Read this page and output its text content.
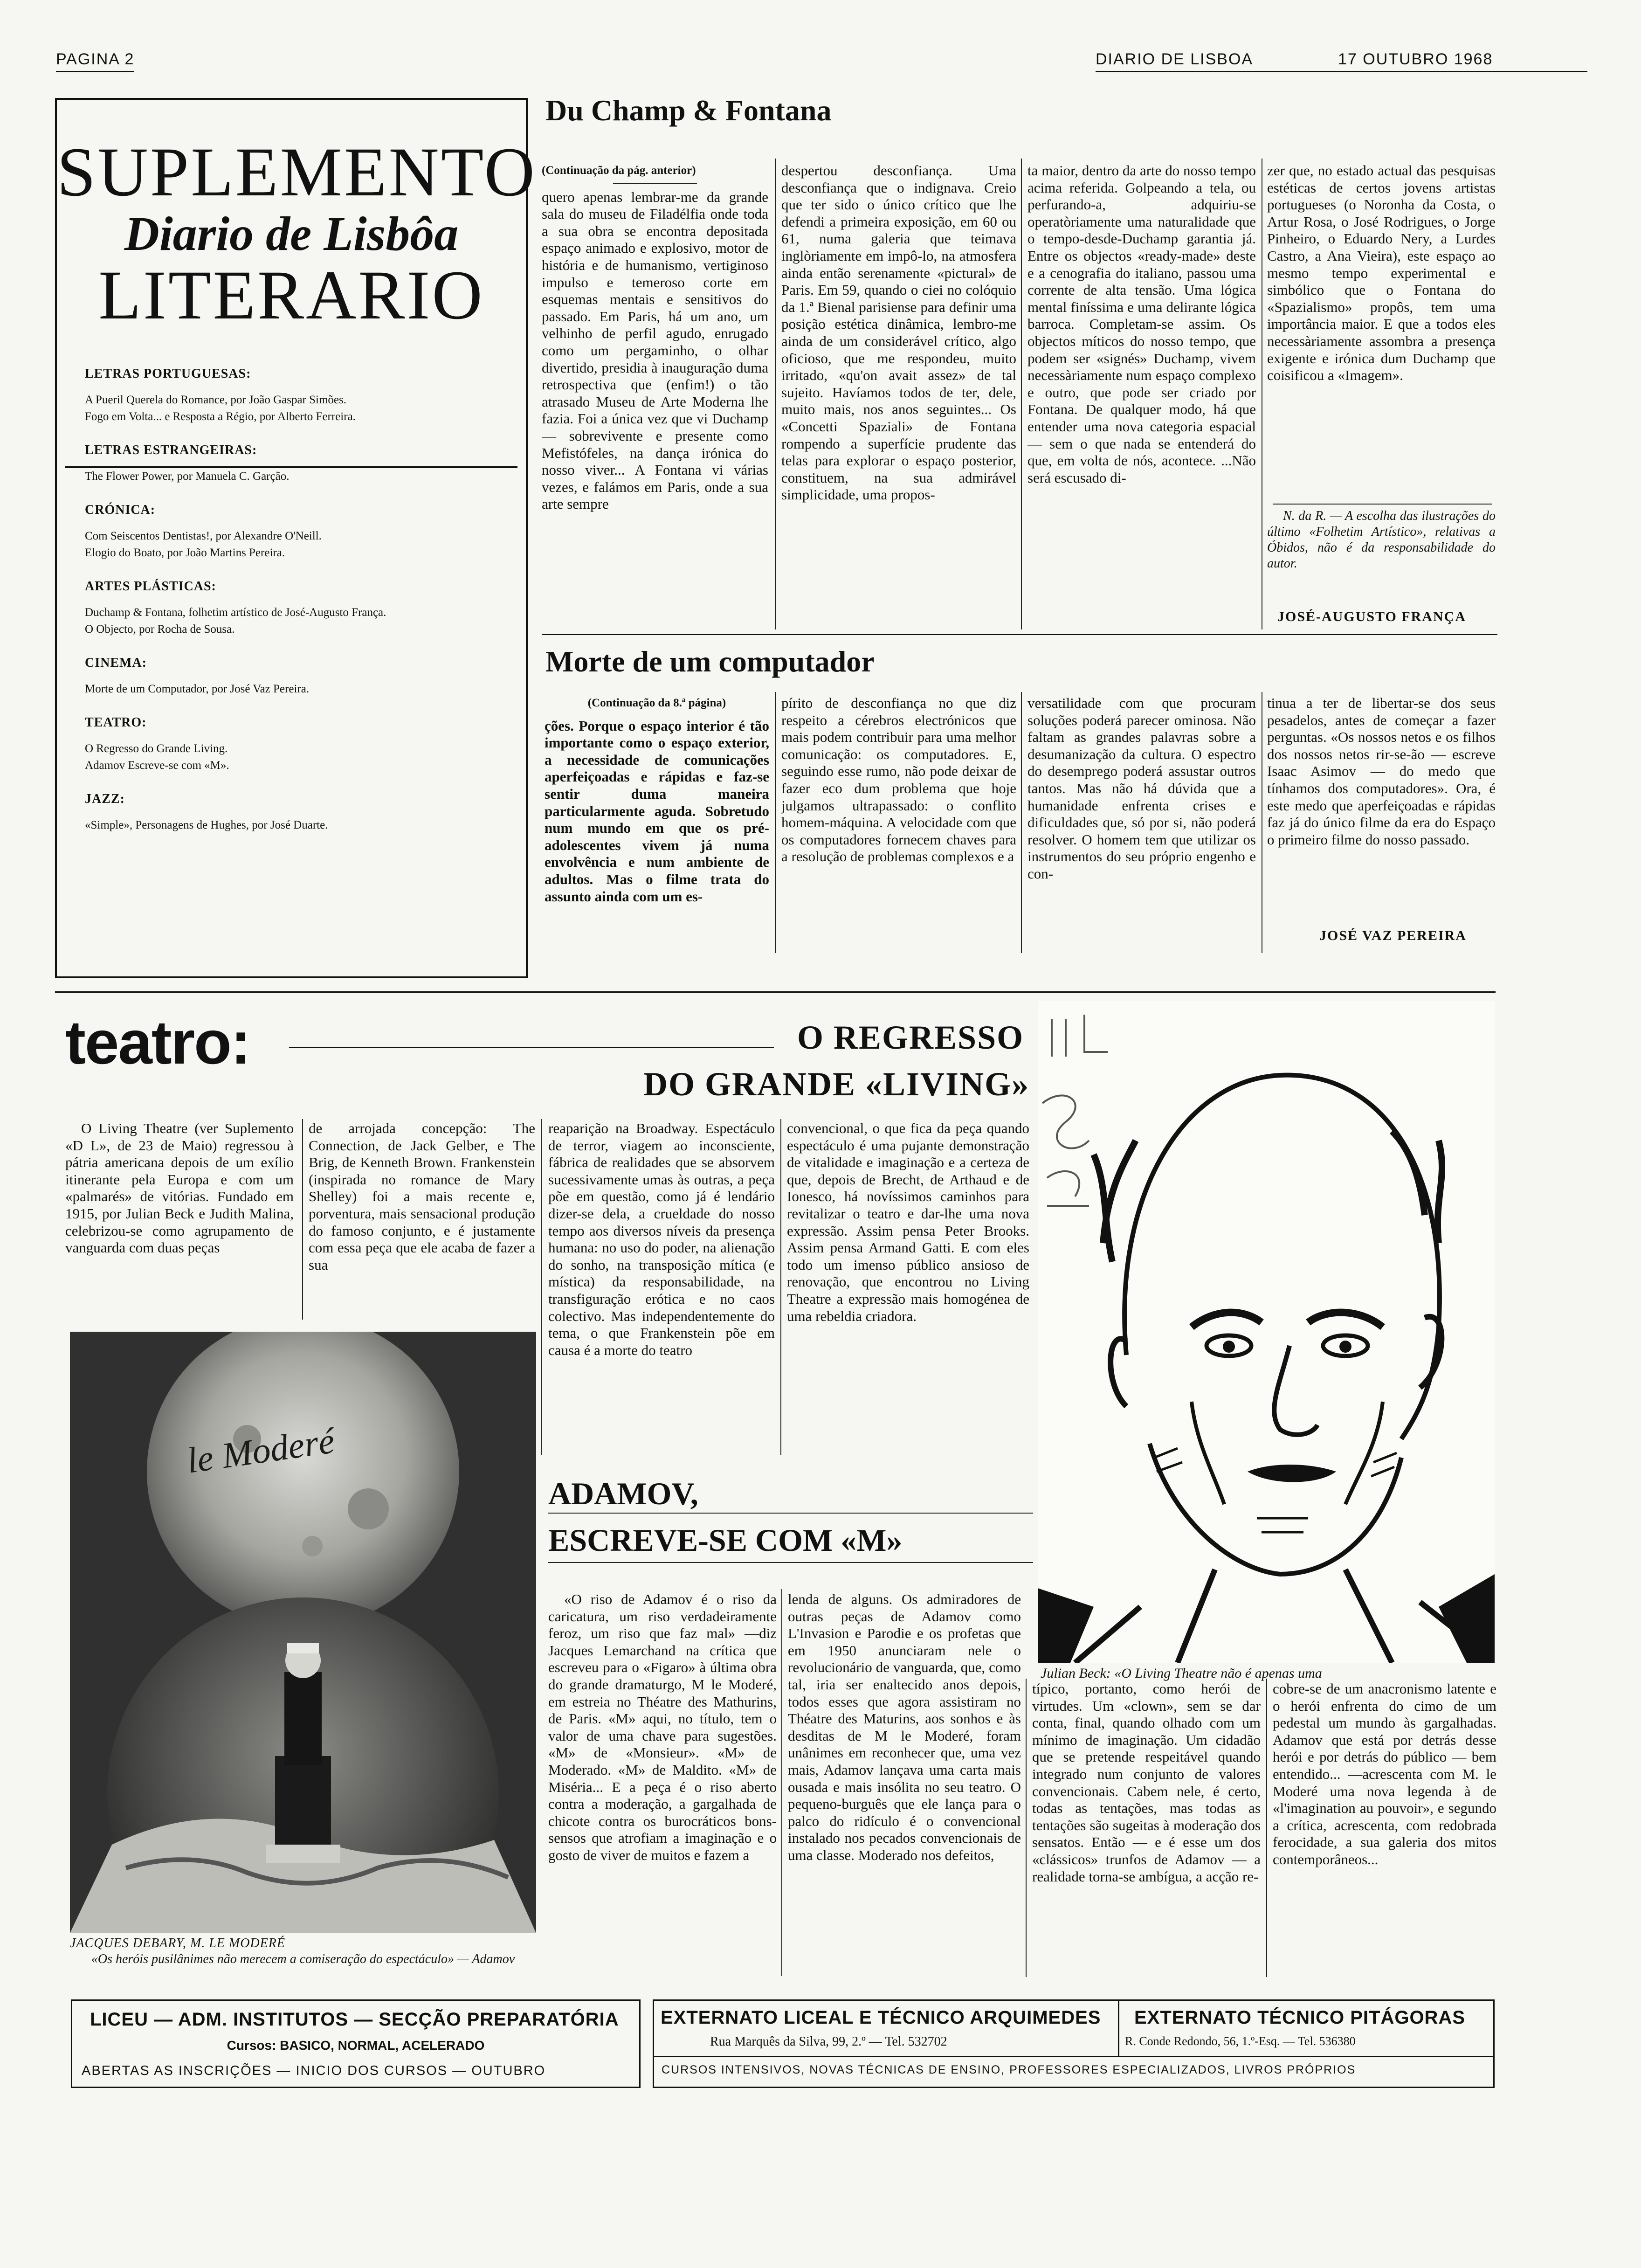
PAGINA 2	DIARIO DE LISBOA	17 OUTUBRO 1968
SUPLEMENTO
Diario de Lisbôa
LITERARIO
LETRAS PORTUGUESAS:
A Pueril Querela do Romance, por João Gaspar Simões.
Fogo em Volta... e Resposta a Régio, por Alberto Ferreira.
LETRAS ESTRANGEIRAS:
The Flower Power, por Manuela C. Garção.
CRÓNICA:
Com Seiscentos Dentistas!, por Alexandre O'Neill.
Elogio do Boato, por João Martins Pereira.
ARTES PLÁSTICAS:
Duchamp & Fontana, folhetim artístico de José-Augusto França.
O Objecto, por Rocha de Sousa.
CINEMA:
Morte de um Computador, por José Vaz Pereira.
TEATRO:
O Regresso do Grande Living.
Adamov Escreve-se com «M».
JAZZ:
«Simple», Personagens de Hughes, por José Duarte.
Du Champ & Fontana

(Continuação da pág. anterior)

quero apenas lembrar-me da grande sala do museu de Filadélfia onde toda a sua obra se encontra depositada espaço animado e explosivo, motor de história e de humanismo, vertiginoso impulso e temeroso corte em esquemas mentais e sensitivos do passado. Em Paris, há um ano, um velhinho de perfil agudo, enrugado como um pergaminho, o olhar divertido, presidia à inauguração duma retrospectiva que (enfim!) o tão atrasado Museu de Arte Moderna lhe fazia. Foi a única vez que vi Duchamp — sobrevivente e presente como Mefistófeles, na dança irónica do nosso viver... A Fontana vi várias vezes, e falámos em Paris, onde a sua arte sempre

despertou desconfiança. Uma desconfiança que o indignava. Creio que ter sido o único crítico que lhe defendi a primeira exposição, em 60 ou 61, numa galeria que teimava inglòriamente em impô-lo, na atmosfera ainda então serenamente «pictural» de Paris. Em 59, quando o ciei no colóquio da 1.ª Bienal parisiense para definir uma posição estética dinâmica, lembro-me ainda de um considerável crítico, algo oficioso, que me respondeu, muito irritado, «qu'on avait assez» de tal sujeito. Havíamos todos de ter, dele, muito mais, nos anos seguintes... Os «Concetti Spaziali» de Fontana rompendo a superfície prudente das telas para explorar o espaço posterior, constituem, na sua admirável simplicidade, uma propos-

ta maior, dentro da arte do nosso tempo acima referida. Golpeando a tela, ou perfurando-a, adquiriu-se operatòriamente uma naturalidade que o tempo-desde-Duchamp garantia já. Entre os objectos «ready-made» deste e a cenografia do italiano, passou uma corrente de alta tensão. Uma lógica mental finíssima e uma delirante lógica barroca. Completam-se assim. Os objectos míticos do nosso tempo, que podem ser «signés» Duchamp, vivem necessàriamente num espaço complexo e outro, que pode ser criado por Fontana. De qualquer modo, há que entender uma nova categoria espacial — sem o que nada se entenderá do que, em volta de nós, acontece. ...Não será escusado di-

zer que, no estado actual das pesquisas estéticas de certos jovens artistas portugueses (o Noronha da Costa, o Artur Rosa, o José Rodrigues, o Jorge Pinheiro, o Eduardo Nery, a Lurdes Castro, a Ana Vieira), este espaço ao mesmo tempo experimental e simbólico que o Fontana do «Spazialismo» propôs, tem uma importância maior. E que a todos eles necessàriamente assombra a presença exigente e irónica dum Duchamp que coisificou a «Imagem».

N. da R. — A escolha das ilustrações do último «Folhetim Artístico», relativas a Óbidos, não é da responsabilidade do autor.

JOSÉ-AUGUSTO FRANÇA
Morte de um computador

(Continuação da 8.ª página)

ções. Porque o espaço interior é tão importante como o espaço exterior, a necessidade de comunicações aperfeiçoadas e rápidas e faz-se sentir duma maneira particularmente aguda. Sobretudo num mundo em que os pré-adolescentes vivem já numa envolvência e num ambiente de adultos. Mas o filme trata do assunto ainda com um es-

pírito de desconfiança no que diz respeito a cérebros electrónicos que mais podem contribuir para uma melhor comunicação: os computadores. E, seguindo esse rumo, não pode deixar de fazer eco dum problema que hoje julgamos ultrapassado: o conflito homem-máquina. A velocidade com que os computadores fornecem chaves para a resolução de problemas complexos e a

versatilidade com que procuram soluções poderá parecer ominosa. Não faltam as grandes palavras sobre a desumanização da cultura. O espectro do desemprego poderá assustar outros tantos. Mas não há dúvida que a humanidade enfrenta crises e dificuldades que, só por si, não poderá resolver. O homem tem que utilizar os instrumentos do seu próprio engenho e con-

tinua a ter de libertar-se dos seus pesadelos, antes de começar a fazer perguntas. «Os nossos netos e os filhos dos nossos netos rir-se-ão — escreve Isaac Asimov — do medo que tínhamos dos computadores». Ora, é este medo que aperfeiçoadas e rápidas faz já do único filme da era do Espaço o primeiro filme do nosso passado.

JOSÉ VAZ PEREIRA
teatro:	O REGRESSO
DO GRANDE «LIVING»

O Living Theatre (ver Suplemento «D L», de 23 de Maio) regressou à pátria americana depois de um exílio itinerante pela Europa e com um «palmarés» de vitórias. Fundado em 1915, por Julian Beck e Judith Malina, celebrizou-se como agrupamento de vanguarda com duas peças

de arrojada concepção: The Connection, de Jack Gelber, e The Brig, de Kenneth Brown. Frankenstein (inspirada no romance de Mary Shelley) foi a mais recente e, porventura, mais sensacional produção do famoso conjunto, e é justamente com essa peça que ele acaba de fazer a sua

reaparição na Broadway. Espectáculo de terror, viagem ao inconsciente, fábrica de realidades que se absorvem sucessivamente umas às outras, a peça põe em questão, como já é lendário dizer-se dela, a crueldade do nosso tempo aos diversos níveis da presença humana: no uso do poder, na alienação do sonho, na transposição mítica (e mística) da responsabilidade, na transfiguração erótica e no caos colectivo. Mas independentemente do tema, o que Frankenstein põe em causa é a morte do teatro

convencional, o que fica da peça quando espectáculo é uma pujante demonstração de vitalidade e imaginação e a certeza de que, depois de Brecht, de Arthaud e de Ionesco, há novíssimos caminhos para revitalizar o teatro e dar-lhe uma nova expressão. Assim pensa Peter Brooks. Assim pensa Armand Gatti. E com eles todo um imenso público ansioso de renovação, que encontrou no Living Theatre a expressão mais homogénea de uma rebeldia criadora.

le Moderé
JACQUES DEBARY, M. LE MODERÉ
«Os heróis pusilânimes não merecem a comiseração do espectáculo» — Adamov
ADAMOV,
ESCREVE-SE COM «M»

«O riso de Adamov é o riso da caricatura, um riso verdadeiramente feroz, um riso que faz mal» —diz Jacques Lemarchand na crítica que escreveu para o «Figaro» à última obra do grande dramaturgo, M le Moderé, em estreia no Théatre des Mathurins, de Paris. «M» aqui, no título, tem o valor de uma chave para sugestões. «M» de «Monsieur». «M» de Moderado. «M» de Maldito. «M» de Miséria... E a peça é o riso aberto contra a moderação, a gargalhada de chicote contra os burocráticos bons-sensos que atrofiam a imaginação e o gosto de viver de muitos e fazem a

lenda de alguns. Os admiradores de outras peças de Adamov como L'Invasion e Parodie e os profetas que em 1950 anunciaram nele o revolucionário de vanguarda, que, como tal, iria ser enaltecido anos depois, todos esses que agora assistiram no Théatre des Maturins, aos sonhos e às desditas de M le Moderé, foram unânimes em reconhecer que, uma vez mais, Adamov lançava uma carta mais ousada e mais insólita no seu teatro. O pequeno-burguês que ele lança para o palco do ridículo é o convencional instalado nos pecados convencionais de uma classe. Moderado nos defeitos,

típico, portanto, como herói de virtudes. Um «clown», sem se dar conta, final, quando olhado com um mínimo de imaginação. Um cidadão que se pretende respeitável quando integrado num conjunto de valores convencionais. Cabem nele, é certo, todas as tentações, mas todas as tentações são sugeitas à moderação dos sensatos. Então — e é esse um dos «clássicos» trunfos de Adamov — a realidade torna-se ambígua, a acção re-

cobre-se de um anacronismo latente e o herói enfrenta do cimo de um pedestal um mundo às gargalhadas. Adamov que está por detrás desse herói e por detrás do público — bem entendido... —acrescenta com M. le Moderé uma nova legenda à de «l'imagination au pouvoir», e segundo a crítica, acrescenta, com redobrada ferocidade, a sua galeria dos mitos contemporâneos...

Julian Beck: «O Living Theatre não é apenas uma
LICEU — ADM. INSTITUTOS — SECÇÃO PREPARATÓRIA
Cursos: BASICO, NORMAL, ACELERADO
ABERTAS AS INSCRIÇÕES — INICIO DOS CURSOS — OUTUBRO
EXTERNATO LICEAL E TÉCNICO ARQUIMEDES
Rua Marquês da Silva, 99, 2.º — Tel. 532702
EXTERNATO TÉCNICO PITÁGORAS
R. Conde Redondo, 56, 1.º-Esq. — Tel. 536380
CURSOS INTENSIVOS, NOVAS TÉCNICAS DE ENSINO, PROFESSORES ESPECIALIZADOS, LIVROS PRÓPRIOS
